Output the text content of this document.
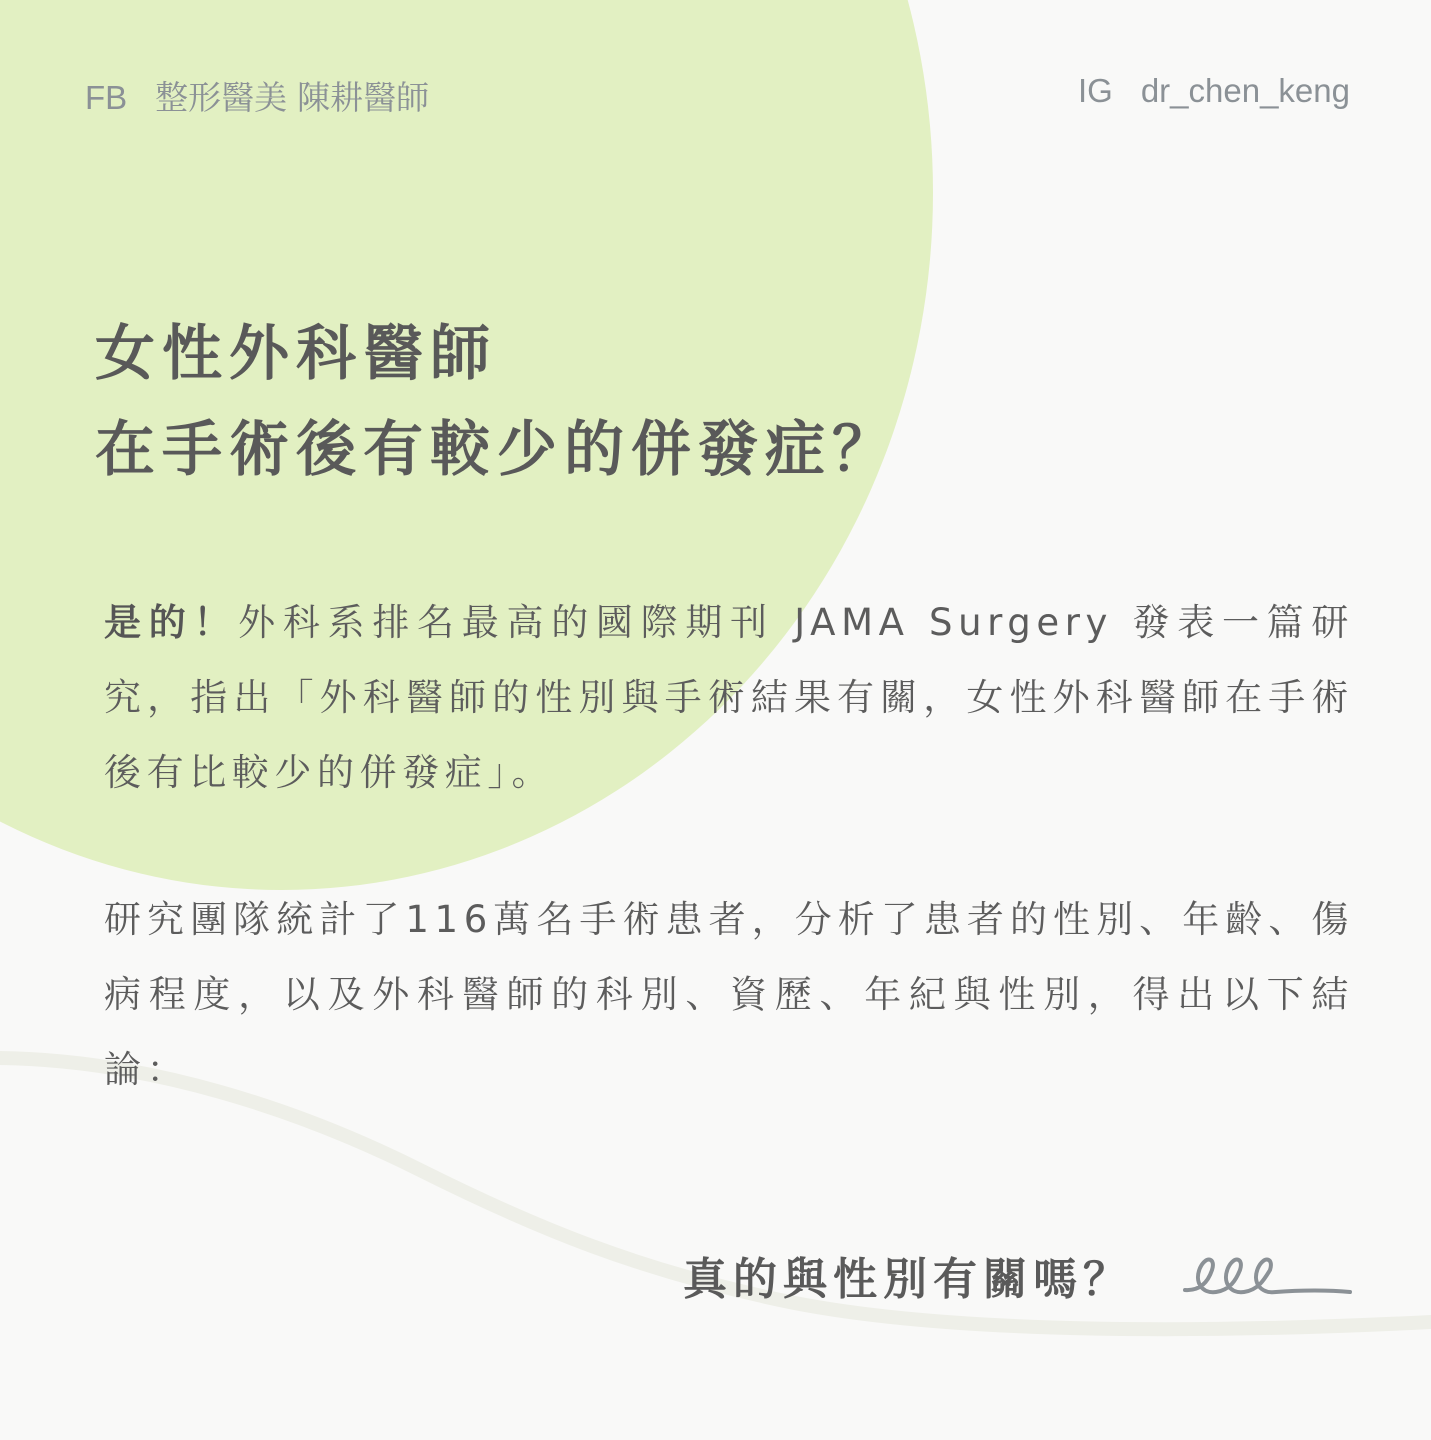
FB 整形醫美 陳耕醫師	IG dr_chen_keng
女性外科醫師
在手術後有較少的併發症？

是的！外科系排名最高的國際期刊 JAMA Surgery 發表一篇研究，指出「外科醫師的性別與手術結果有關，女性外科醫師在手術後有比較少的併發症」。

研究團隊統計了116萬名手術患者，分析了患者的性別、年齡、傷病程度，以及外科醫師的科別、資歷、年紀與性別，得出以下結論：

真的與性別有關嗎？
